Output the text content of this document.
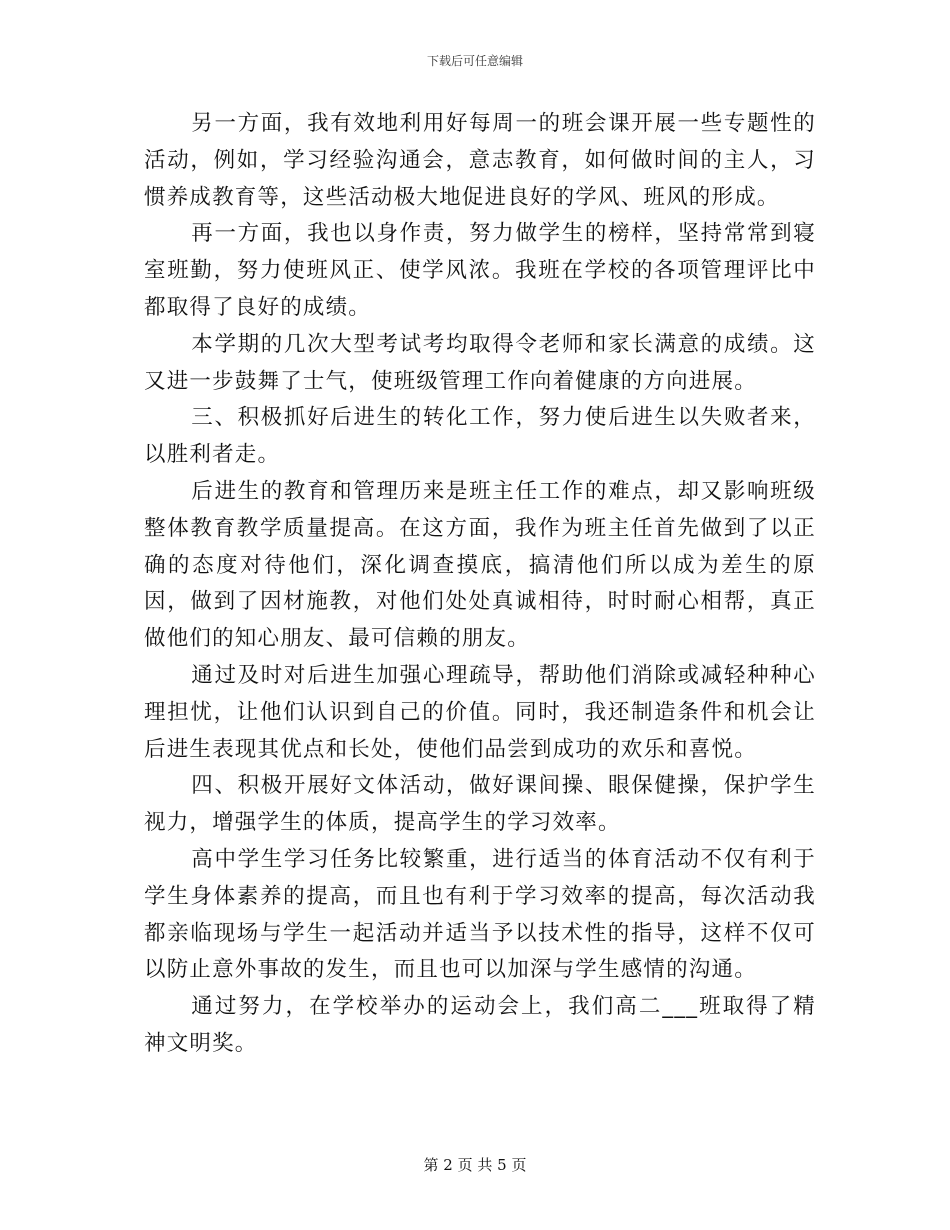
下载后可任意编辑

另一方面，我有效地利用好每周一的班会课开展一些专题性的活动，例如，学习经验沟通会，意志教育，如何做时间的主人，习惯养成教育等，这些活动极大地促进良好的学风、班风的形成。

再一方面，我也以身作责，努力做学生的榜样，坚持常常到寝室班勤，努力使班风正、使学风浓。我班在学校的各项管理评比中都取得了良好的成绩。

本学期的几次大型考试考均取得令老师和家长满意的成绩。这又进一步鼓舞了士气，使班级管理工作向着健康的方向进展。

三、积极抓好后进生的转化工作，努力使后进生以失败者来，以胜利者走。

后进生的教育和管理历来是班主任工作的难点，却又影响班级整体教育教学质量提高。在这方面，我作为班主任首先做到了以正确的态度对待他们，深化调查摸底，搞清他们所以成为差生的原因，做到了因材施教，对他们处处真诚相待，时时耐心相帮，真正做他们的知心朋友、最可信赖的朋友。

通过及时对后进生加强心理疏导，帮助他们消除或减轻种种心理担忧，让他们认识到自己的价值。同时，我还制造条件和机会让后进生表现其优点和长处，使他们品尝到成功的欢乐和喜悦。

四、积极开展好文体活动，做好课间操、眼保健操，保护学生视力，增强学生的体质，提高学生的学习效率。

高中学生学习任务比较繁重，进行适当的体育活动不仅有利于学生身体素养的提高，而且也有利于学习效率的提高，每次活动我都亲临现场与学生一起活动并适当予以技术性的指导，这样不仅可以防止意外事故的发生，而且也可以加深与学生感情的沟通。

通过努力，在学校举办的运动会上，我们高二___班取得了精神文明奖。

第 2 页 共 5 页
